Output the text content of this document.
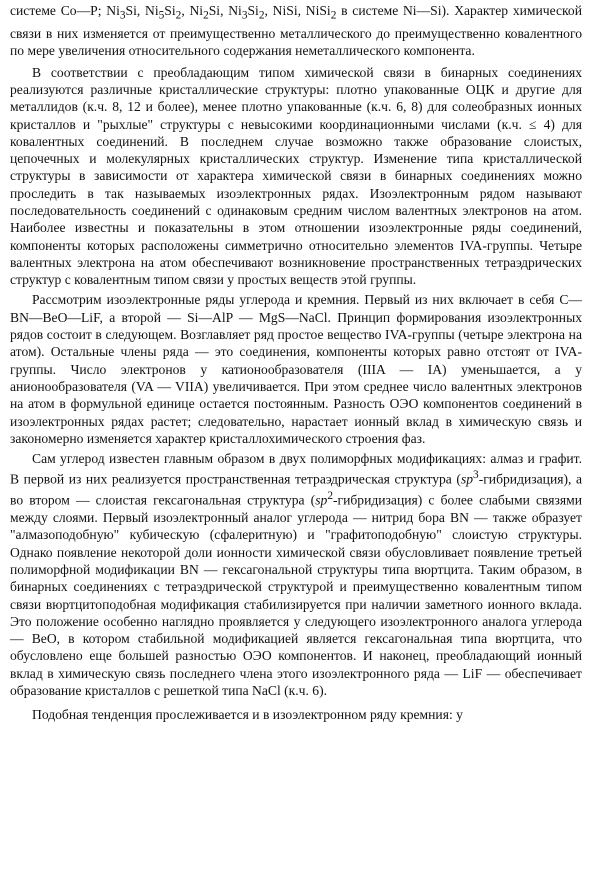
системе Co—P; $Ni_3Si$, $Ni_5Si_2$, $Ni_2Si$, $Ni_3Si_2$, NiSi, NiSi$_2$ в системе Ni—Si). Характер химической связи в них изменяется от преимущественно металлического до преимущественно ковалентного по мере увеличения относительного содержания неметаллического компонента.

В соответствии с преобладающим типом химической связи в бинарных соединениях реализуются различные кристаллические структуры: плотно упакованные ОЦК и другие для металлидов (к.ч. 8, 12 и более), менее плотно упакованные (к.ч. 6, 8) для солеобразных ионных кристаллов и "рыхлые" структуры с невысокими координационными числами (к.ч. ≤ 4) для ковалентных соединений. В последнем случае возможно также образование слоистых, цепочечных и молекулярных кристаллических структур. Изменение типа кристаллической структуры в зависимости от характера химической связи в бинарных соединениях можно проследить в так называемых изоэлектронных рядах. Изоэлектронным рядом называют последовательность соединений с одинаковым средним числом валентных электронов на атом. Наиболее известны и показательны в этом отношении изоэлектронные ряды соединений, компоненты которых расположены симметрично относительно элементов IVA-группы. Четыре валентных электрона на атом обеспечивают возникновение пространственных тетраэдрических структур с ковалентным типом связи у простых веществ этой группы.

Рассмотрим изоэлектронные ряды углерода и кремния. Первый из них включает в себя C—BN—BeO—LiF, а второй — Si—AlP — MgS—NaCl. Принцип формирования изоэлектронных рядов состоит в следующем. Возглавляет ряд простое вещество IVA-группы (четыре электрона на атом). Остальные члены ряда — это соединения, компоненты которых равно отстоят от IVA-группы. Число электронов у катионообразователя (IIIA — IA) уменьшается, а у анионообразователя (VA — VIIA) увеличивается. При этом среднее число валентных электронов на атом в формульной единице остается постоянным. Разность ОЭО компонентов соединений в изоэлектронных рядах растет; следовательно, нарастает ионный вклад в химическую связь и закономерно изменяется характер кристаллохимического строения фаз.

Сам углерод известен главным образом в двух полиморфных модификациях: алмаз и графит. В первой из них реализуется пространственная тетраэдрическая структура $(sp^3-гибридизация)$, а во втором — слоистая гексагональная структура $(sp^2-гибридизация)$ с более слабыми связями между слоями. Первый изоэлектронный аналог углерода — нитрид бора BN — также образует "алмазоподобную" кубическую (сфалеритную) и "графитоподобную" слоистую структуры. Однако появление некоторой доли ионности химической связи обусловливает появление третьей полиморфной модификации BN — гексагональной структуры типа вюртцита. Таким образом, в бинарных соединениях с тетраэдрической структурой и преимущественно ковалентным типом связи вюртцитоподобная модификация стабилизируется при наличии заметного ионного вклада. Это положение особенно наглядно проявляется у следующего изоэлектронного аналога углерода — BeO, в котором стабильной модификацией является гексагональная типа вюртцита, что обусловлено еще большей разностью ОЭО компонентов. И наконец, преобладающий ионный вклад в химическую связь последнего члена этого изоэлектронного ряда — LiF — обеспечивает образование кристаллов с решеткой типа NaCl (к.ч. 6).

Подобная тенденция прослеживается и в изоэлектронном ряду кремния: у
